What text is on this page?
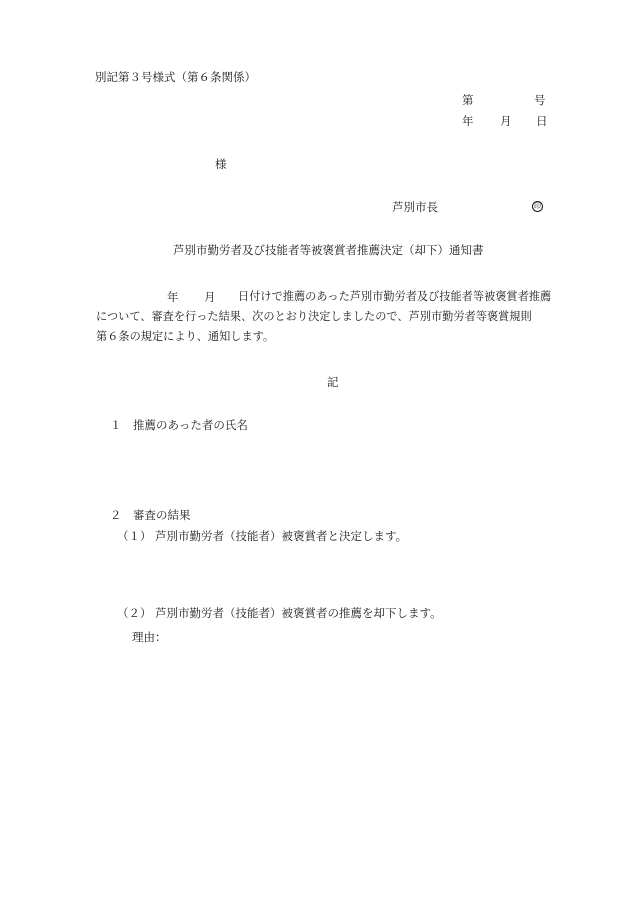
別記第３号様式（第６条関係）
第	号
年 月 日
様
芦別市長	印
芦別市勤労者及び技能者等被褒賞者推薦決定（却下）通知書
年 月 日付けで推薦のあった芦別市勤労者及び技能者等被褒賞者推薦
について、審査を行った結果、次のとおり決定しましたので、芦別市勤労者等褒賞規則
第６条の規定により、通知します。
記
１ 推薦のあった者の氏名
２ 審査の結果
（１） 芦別市勤労者（技能者）被褒賞者と決定します。
（２） 芦別市勤労者（技能者）被褒賞者の推薦を却下します。
理由：
